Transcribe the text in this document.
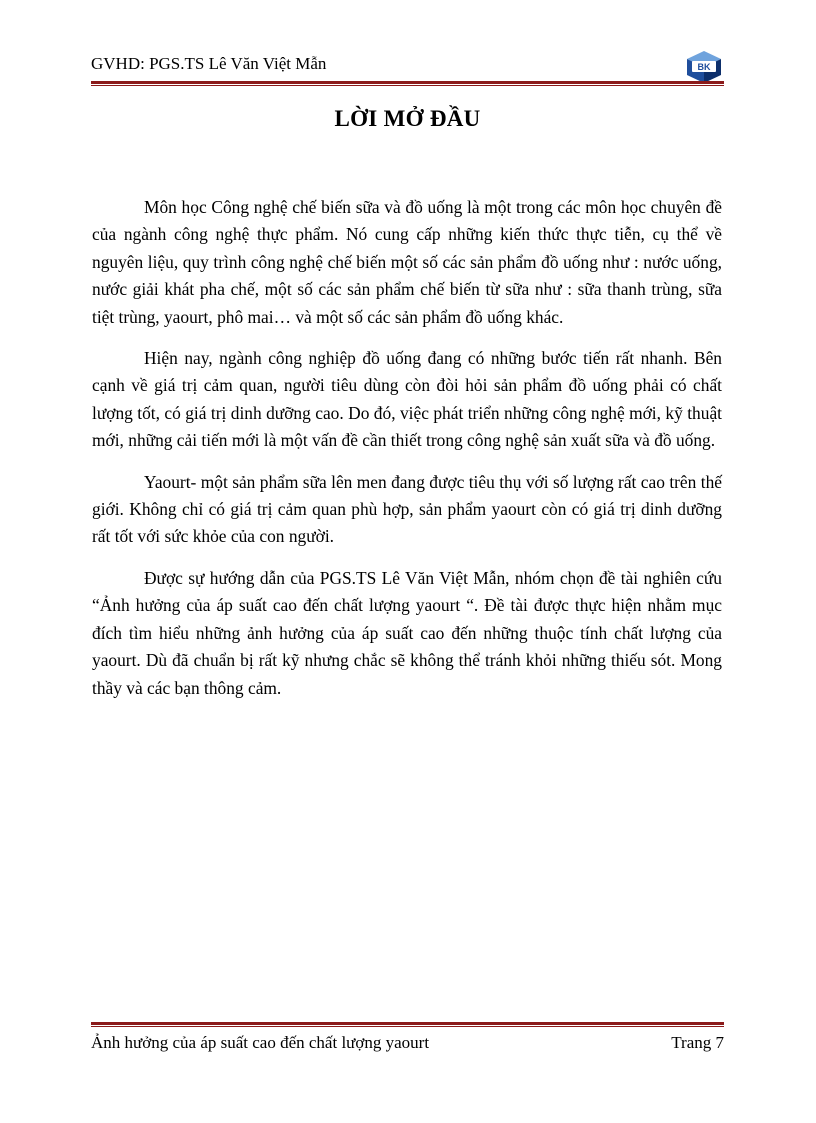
GVHD: PGS.TS Lê Văn Việt Mẫn	BK
LỜI MỞ ĐẦU

Môn học Công nghệ chế biến sữa và đồ uống là một trong các môn học chuyên đề của ngành công nghệ thực phẩm. Nó cung cấp những kiến thức thực tiễn, cụ thể về nguyên liệu, quy trình công nghệ chế biến một số các sản phẩm đồ uống như : nước uống, nước giải khát pha chế, một số các sản phẩm chế biến từ sữa như : sữa thanh trùng, sữa tiệt trùng, yaourt, phô mai… và một số các sản phẩm đồ uống khác.

Hiện nay, ngành công nghiệp đồ uống đang có những bước tiến rất nhanh. Bên cạnh về giá trị cảm quan, người tiêu dùng còn đòi hỏi sản phẩm đồ uống phải có chất lượng tốt, có giá trị dinh dưỡng cao. Do đó, việc phát triển những công nghệ mới, kỹ thuật mới, những cải tiến mới là một vấn đề cần thiết trong công nghệ sản xuất sữa và đồ uống.

Yaourt- một sản phẩm sữa lên men đang được tiêu thụ với số lượng rất cao trên thế giới. Không chỉ có giá trị cảm quan phù hợp, sản phẩm yaourt còn có giá trị dinh dưỡng rất tốt với sức khỏe của con người.

Được sự hướng dẫn của PGS.TS Lê Văn Việt Mẫn, nhóm chọn đề tài nghiên cứu “Ảnh hưởng của áp suất cao đến chất lượng yaourt “. Đề tài được thực hiện nhằm mục đích tìm hiểu những ảnh hưởng của áp suất cao đến những thuộc tính chất lượng của yaourt. Dù đã chuẩn bị rất kỹ nhưng chắc sẽ không thể tránh khỏi những thiếu sót. Mong thầy và các bạn thông cảm.

Ảnh hưởng của áp suất cao đến chất lượng yaourt	Trang 7
